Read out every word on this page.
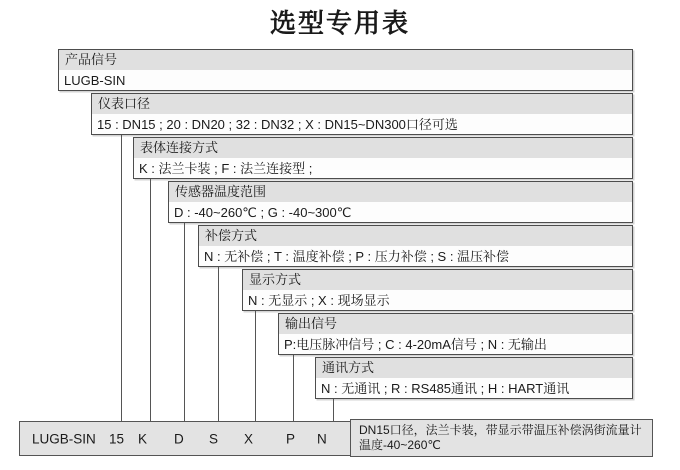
选型专用表
产品信号
LUGB-SIN
仪表口径
15 : DN15 ; 20 : DN20 ; 32 : DN32 ; X : DN15~DN300口径可选
表体连接方式
K : 法兰卡装 ; F : 法兰连接型 ;
传感器温度范围
D : -40~260℃ ; G : -40~300℃
补偿方式
N : 无补偿 ; T : 温度补偿 ; P : 压力补偿 ; S : 温压补偿
显示方式
N : 无显示 ; X : 现场显示
输出信号
P:电压脉冲信号 ; C : 4-20mA信号 ; N : 无输出
通讯方式
N : 无通讯 ; R : RS485通讯 ; H : HART通讯
LUGB-SIN 15 K D S X P N
DN15口径，法兰卡装，带显示带温压补偿涡街流量计
温度-40~260℃
